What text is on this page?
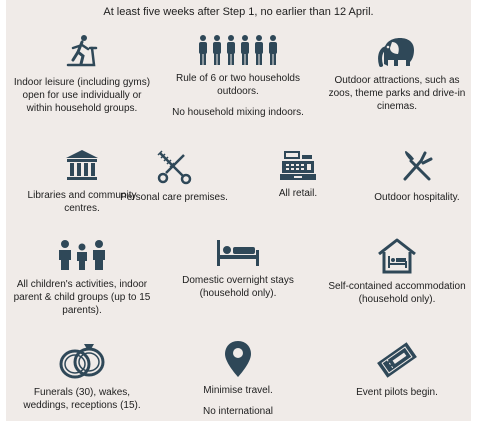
At least five weeks after Step 1, no earlier than 12 April.
Indoor leisure (including gyms) open for use individually or within household groups.
Rule of 6 or two households outdoors.
No household mixing indoors.
Outdoor attractions, such as zoos, theme parks and drive-in cinemas.
Libraries and community centres.
Personal care premises.	All retail.	Outdoor hospitality.
All children's activities, indoor parent & child groups (up to 15 parents).
Domestic overnight stays (household only).
Self-contained accommodation (household only).
Funerals (30), wakes, weddings, receptions (15).
Minimise travel.
No international
Event pilots begin.
